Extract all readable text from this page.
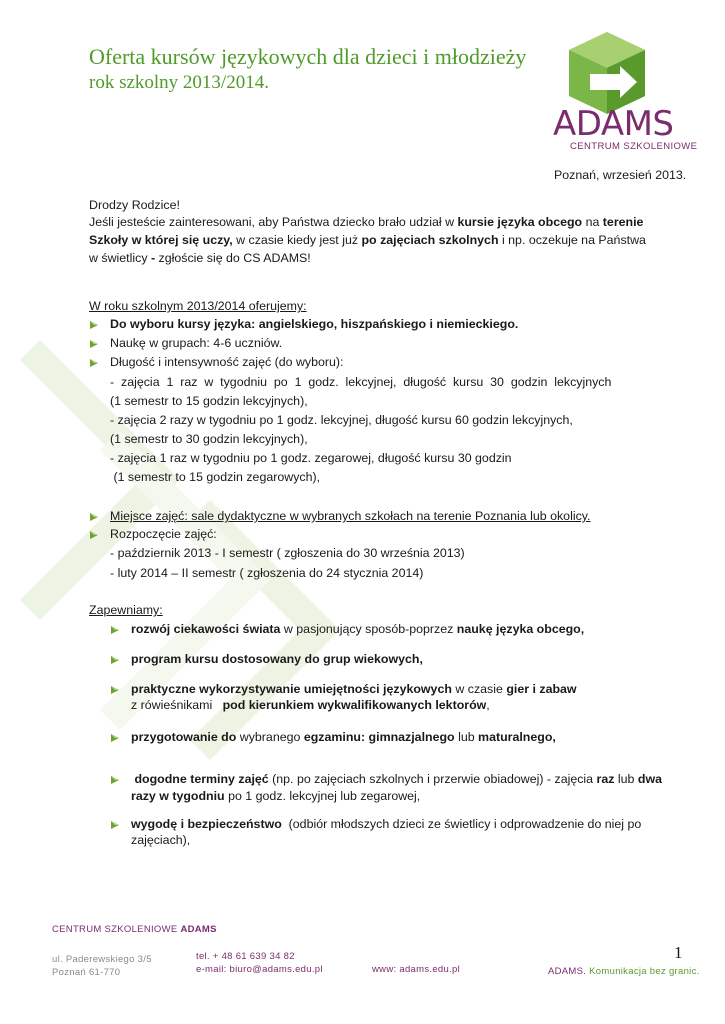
Oferta kursów językowych dla dzieci i młodzieży
rok szkolny 2013/2014.
ADAMS
CENTRUM SZKOLENIOWE
Poznań, wrzesień 2013.
Drodzy Rodzice!
Jeśli jesteście zainteresowani, aby Państwa dziecko brało udział w kursie języka obcego na terenie
Szkoły w której się uczy, w czasie kiedy jest już po zajęciach szkolnych i np. oczekuje na Państwa
w świetlicy - zgłoście się do CS ADAMS!
W roku szkolnym 2013/2014 oferujemy:
Do wyboru kursy języka: angielskiego, hiszpańskiego i niemieckiego.
Naukę w grupach: 4-6 uczniów.
Długość i intensywność zajęć (do wyboru):
-  zajęcia  1  raz  w  tygodniu  po  1  godz.  lekcyjnej,  długość  kursu  30  godzin  lekcyjnych
(1 semestr to 15 godzin lekcyjnych),
- zajęcia 2 razy w tygodniu po 1 godz. lekcyjnej, długość kursu 60 godzin lekcyjnych,
(1 semestr to 30 godzin lekcyjnych),
- zajęcia 1 raz w tygodniu po 1 godz. zegarowej, długość kursu 30 godzin
(1 semestr to 15 godzin zegarowych),
Miejsce zajęć: sale dydaktyczne w wybranych szkołach na terenie Poznania lub okolicy.
Rozpoczęcie zajęć:
- październik 2013 - I semestr ( zgłoszenia do 30 września 2013)
- luty 2014 – II semestr ( zgłoszenia do 24 stycznia 2014)
Zapewniamy:
rozwój ciekawości świata w pasjonujący sposób-poprzez naukę języka obcego,
program kursu dostosowany do grup wiekowych,
praktyczne wykorzystywanie umiejętności językowych w czasie gier i zabaw
z rówieśnikami   pod kierunkiem wykwalifikowanych lektorów,
przygotowanie do wybranego egzaminu: gimnazjalnego lub maturalnego,
dogodne terminy zajęć (np. po zajęciach szkolnych i przerwie obiadowej) - zajęcia raz lub dwa
razy w tygodniu po 1 godz. lekcyjnej lub zegarowej,
wygodę i bezpieczeństwo  (odbiór młodszych dzieci ze świetlicy i odprowadzenie do niej po
zajęciach),
CENTRUM SZKOLENIOWE ADAMS
ul. Paderewskiego 3/5
Poznań 61-770
tel. + 48 61 639 34 82
e-mail: biuro@adams.edu.pl	www: adams.edu.pl	ADAMS. Komunikacja bez granic.
1
